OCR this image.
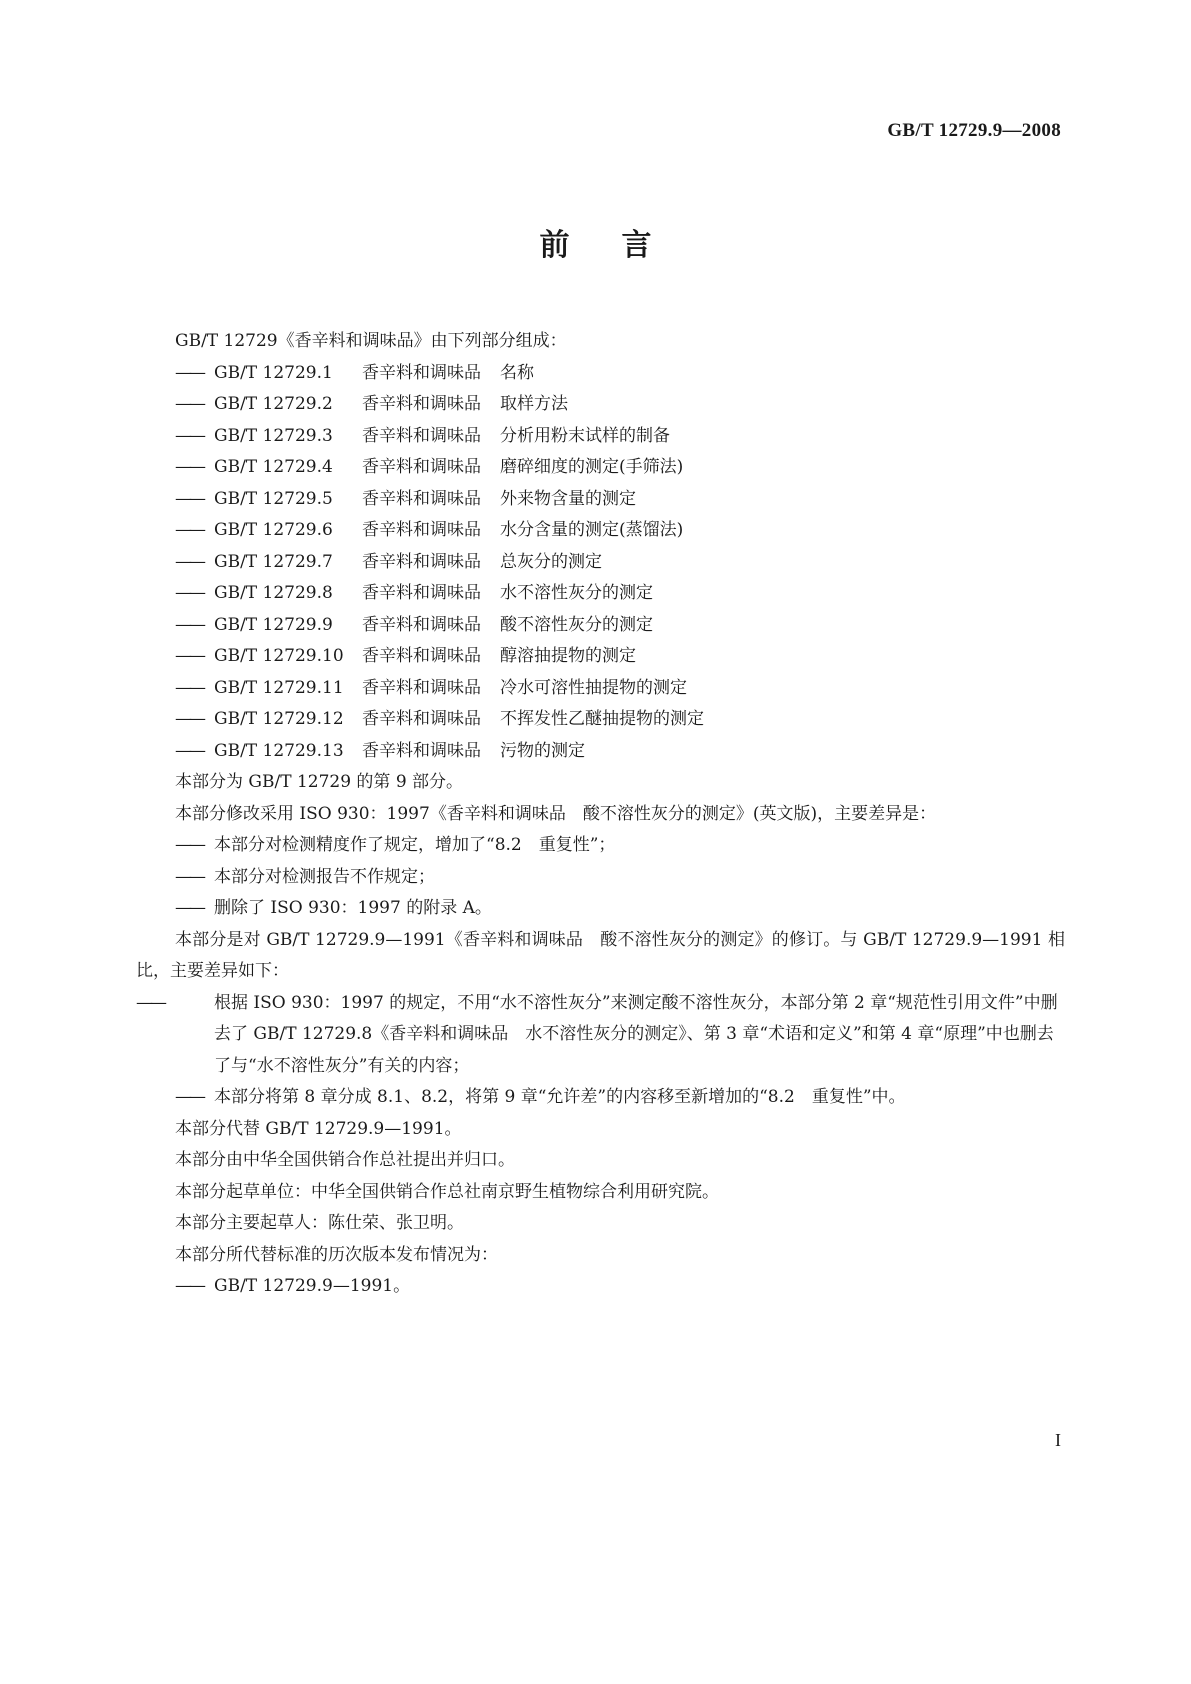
GB/T 12729.9—2008
前言

GB/T 12729《香辛料和调味品》由下列部分组成：

—— GB/T 12729.1 香辛料和调味品 名称

—— GB/T 12729.2 香辛料和调味品 取样方法

—— GB/T 12729.3 香辛料和调味品 分析用粉末试样的制备

—— GB/T 12729.4 香辛料和调味品 磨碎细度的测定(手筛法)

—— GB/T 12729.5 香辛料和调味品 外来物含量的测定

—— GB/T 12729.6 香辛料和调味品 水分含量的测定(蒸馏法)

—— GB/T 12729.7 香辛料和调味品 总灰分的测定

—— GB/T 12729.8 香辛料和调味品 水不溶性灰分的测定

—— GB/T 12729.9 香辛料和调味品 酸不溶性灰分的测定

—— GB/T 12729.10 香辛料和调味品 醇溶抽提物的测定

—— GB/T 12729.11 香辛料和调味品 冷水可溶性抽提物的测定

—— GB/T 12729.12 香辛料和调味品 不挥发性乙醚抽提物的测定

—— GB/T 12729.13 香辛料和调味品 污物的测定

本部分为 GB/T 12729 的第 9 部分。

本部分修改采用 ISO 930：1997《香辛料和调味品　酸不溶性灰分的测定》(英文版)，主要差异是：

—— 本部分对检测精度作了规定，增加了“8.2　重复性”；

—— 本部分对检测报告不作规定；

—— 删除了 ISO 930：1997 的附录 A。

本部分是对 GB/T 12729.9—1991《香辛料和调味品　酸不溶性灰分的测定》的修订。与 GB/T 12729.9—1991 相比，主要差异如下：

——	根据 ISO 930：1997 的规定，不用“水不溶性灰分”来测定酸不溶性灰分，本部分第 2 章“规范性引用文件”中删去了 GB/T 12729.8《香辛料和调味品　水不溶性灰分的测定》、第 3 章“术语和定义”和第 4 章“原理”中也删去了与“水不溶性灰分”有关的内容；

—— 本部分将第 8 章分成 8.1、8.2，将第 9 章“允许差”的内容移至新增加的“8.2　重复性”中。

本部分代替 GB/T 12729.9—1991。

本部分由中华全国供销合作总社提出并归口。

本部分起草单位：中华全国供销合作总社南京野生植物综合利用研究院。

本部分主要起草人：陈仕荣、张卫明。

本部分所代替标准的历次版本发布情况为：

—— GB/T 12729.9—1991。

I
